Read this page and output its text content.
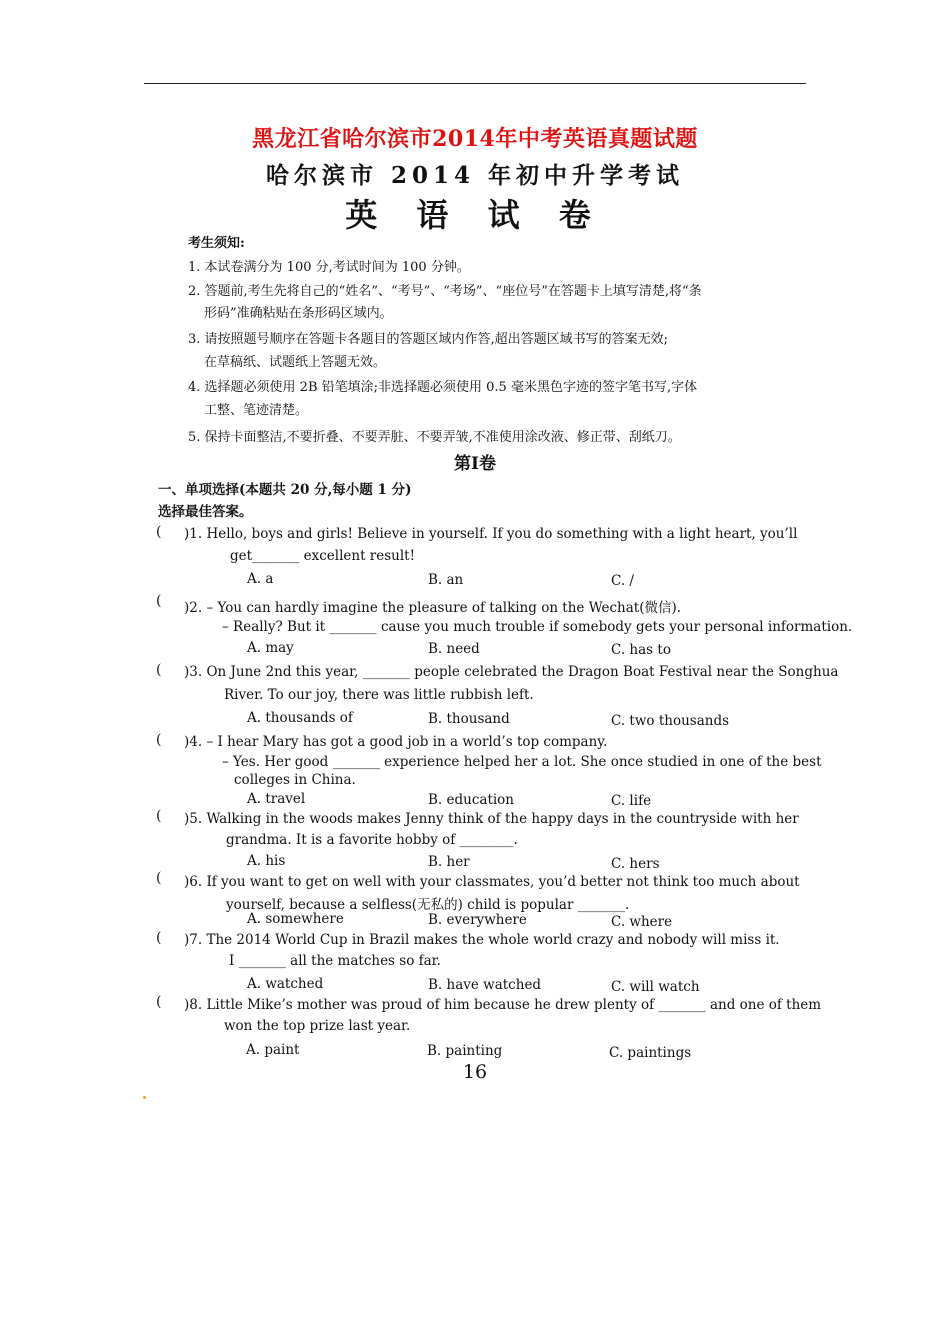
黑龙江省哈尔滨市2014年中考英语真题试题
哈尔滨市 2014 年初中升学考试
英 语 试 卷
考生须知:
1. 本试卷满分为 100 分,考试时间为 100 分钟。
2. 答题前,考生先将自己的“姓名”、“考号”、“考场”、“座位号”在答题卡上填写清楚,将“条
形码”准确粘贴在条形码区域内。
3. 请按照题号顺序在答题卡各题目的答题区域内作答,超出答题区域书写的答案无效;
在草稿纸、试题纸上答题无效。
4. 选择题必须使用 2B 铅笔填涂;非选择题必须使用 0.5 毫米黑色字迹的签字笔书写,字体
工整、笔迹清楚。
5. 保持卡面整洁,不要折叠、不要弄脏、不要弄皱,不准使用涂改液、修正带、刮纸刀。
第Ⅰ卷
一、单项选择(本题共 20 分,每小题 1 分)
选择最佳答案。
( )1. Hello, boys and girls! Believe in yourself. If you do something with a light heart, you’ll
get_______ excellent result!
A. a	B. an	C. /
( )2. – You can hardly imagine the pleasure of talking on the Wechat(微信).
– Really? But it _______ cause you much trouble if somebody gets your personal information.
A. may	B. need	C. has to
( )3. On June 2nd this year, _______ people celebrated the Dragon Boat Festival near the Songhua
River. To our joy, there was little rubbish left.
A. thousands of	B. thousand	C. two thousands
( )4. – I hear Mary has got a good job in a world’s top company.
– Yes. Her good _______ experience helped her a lot. She once studied in one of the best
colleges in China.
A. travel	B. education	C. life
( )5. Walking in the woods makes Jenny think of the happy days in the countryside with her
grandma. It is a favorite hobby of ________.
A. his	B. her	C. hers
( )6. If you want to get on well with your classmates, you’d better not think too much about
yourself, because a selfless(无私的) child is popular _______.
A. somewhere	B. everywhere	C. where
( )7. The 2014 World Cup in Brazil makes the whole world crazy and nobody will miss it.
I _______ all the matches so far.
A. watched	B. have watched	C. will watch
( )8. Little Mike’s mother was proud of him because he drew plenty of _______ and one of them
won the top prize last year.
A. paint	B. painting	C. paintings
16
